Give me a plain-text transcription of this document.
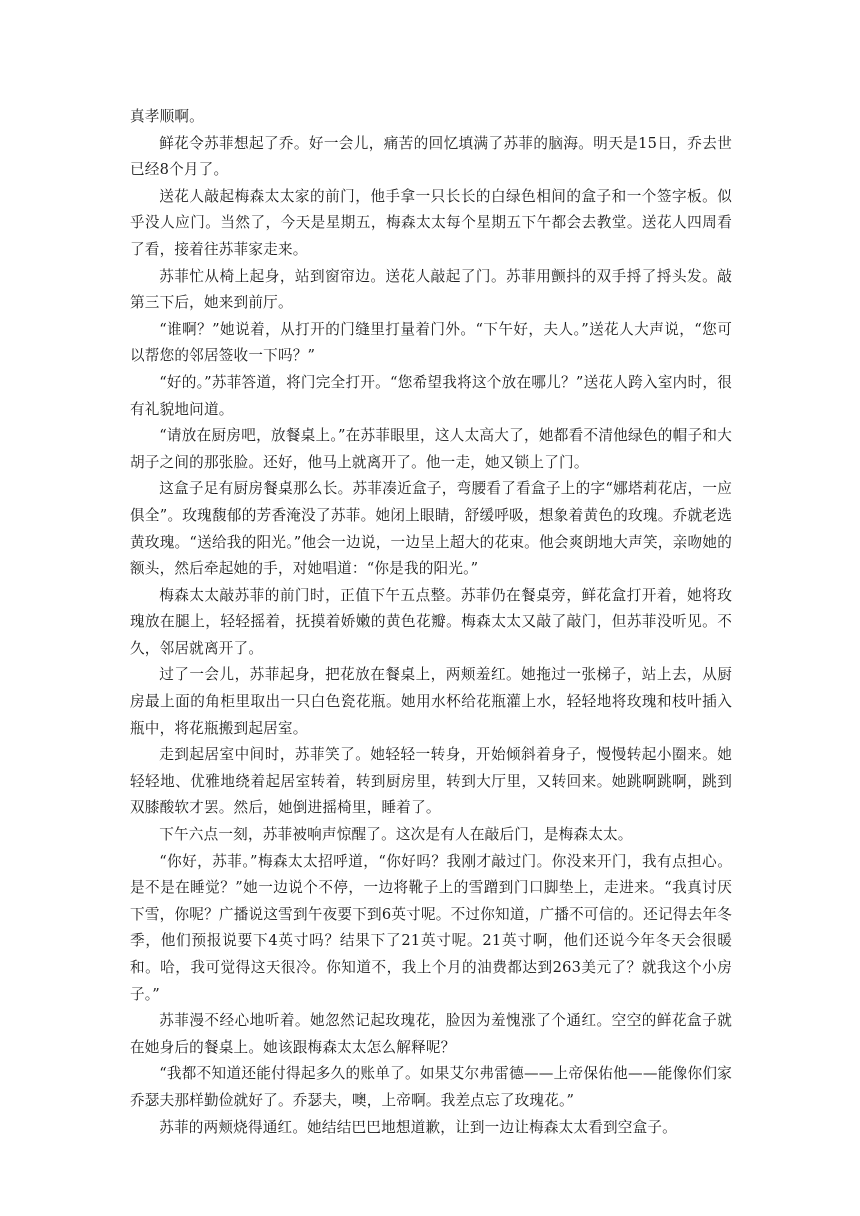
真孝顺啊。

鲜花令苏菲想起了乔。好一会儿，痛苦的回忆填满了苏菲的脑海。明天是15日，乔去世已经8个月了。

送花人敲起梅森太太家的前门，他手拿一只长长的白绿色相间的盒子和一个签字板。似乎没人应门。当然了，今天是星期五，梅森太太每个星期五下午都会去教堂。送花人四周看了看，接着往苏菲家走来。

苏菲忙从椅上起身，站到窗帘边。送花人敲起了门。苏菲用颤抖的双手捋了捋头发。敲第三下后，她来到前厅。

“谁啊？”她说着，从打开的门缝里打量着门外。“下午好，夫人。”送花人大声说，“您可以帮您的邻居签收一下吗？”

“好的。”苏菲答道，将门完全打开。“您希望我将这个放在哪儿？”送花人跨入室内时，很有礼貌地问道。

“请放在厨房吧，放餐桌上。”在苏菲眼里，这人太高大了，她都看不清他绿色的帽子和大胡子之间的那张脸。还好，他马上就离开了。他一走，她又锁上了门。

这盒子足有厨房餐桌那么长。苏菲凑近盒子，弯腰看了看盒子上的字“娜塔莉花店，一应俱全”。玫瑰馥郁的芳香淹没了苏菲。她闭上眼睛，舒缓呼吸，想象着黄色的玫瑰。乔就老选黄玫瑰。“送给我的阳光。”他会一边说，一边呈上超大的花束。他会爽朗地大声笑，亲吻她的额头，然后牵起她的手，对她唱道：“你是我的阳光。”

梅森太太敲苏菲的前门时，正值下午五点整。苏菲仍在餐桌旁，鲜花盒打开着，她将玫瑰放在腿上，轻轻摇着，抚摸着娇嫩的黄色花瓣。梅森太太又敲了敲门，但苏菲没听见。不久，邻居就离开了。

过了一会儿，苏菲起身，把花放在餐桌上，两颊羞红。她拖过一张梯子，站上去，从厨房最上面的角柜里取出一只白色瓷花瓶。她用水杯给花瓶灌上水，轻轻地将玫瑰和枝叶插入瓶中，将花瓶搬到起居室。

走到起居室中间时，苏菲笑了。她轻轻一转身，开始倾斜着身子，慢慢转起小圈来。她轻轻地、优雅地绕着起居室转着，转到厨房里，转到大厅里，又转回来。她跳啊跳啊，跳到双膝酸软才罢。然后，她倒进摇椅里，睡着了。

下午六点一刻，苏菲被响声惊醒了。这次是有人在敲后门，是梅森太太。

“你好，苏菲。”梅森太太招呼道，“你好吗？我刚才敲过门。你没来开门，我有点担心。是不是在睡觉？”她一边说个不停，一边将靴子上的雪蹭到门口脚垫上，走进来。“我真讨厌下雪，你呢？广播说这雪到午夜要下到6英寸呢。不过你知道，广播不可信的。还记得去年冬季，他们预报说要下4英寸吗？结果下了21英寸呢。21英寸啊，他们还说今年冬天会很暖和。哈，我可觉得这天很冷。你知道不，我上个月的油费都达到263美元了？就我这个小房子。”

苏菲漫不经心地听着。她忽然记起玫瑰花，脸因为羞愧涨了个通红。空空的鲜花盒子就在她身后的餐桌上。她该跟梅森太太怎么解释呢？

“我都不知道还能付得起多久的账单了。如果艾尔弗雷德——上帝保佑他——能像你们家乔瑟夫那样勤俭就好了。乔瑟夫，噢，上帝啊。我差点忘了玫瑰花。”

苏菲的两颊烧得通红。她结结巴巴地想道歉，让到一边让梅森太太看到空盒子。
